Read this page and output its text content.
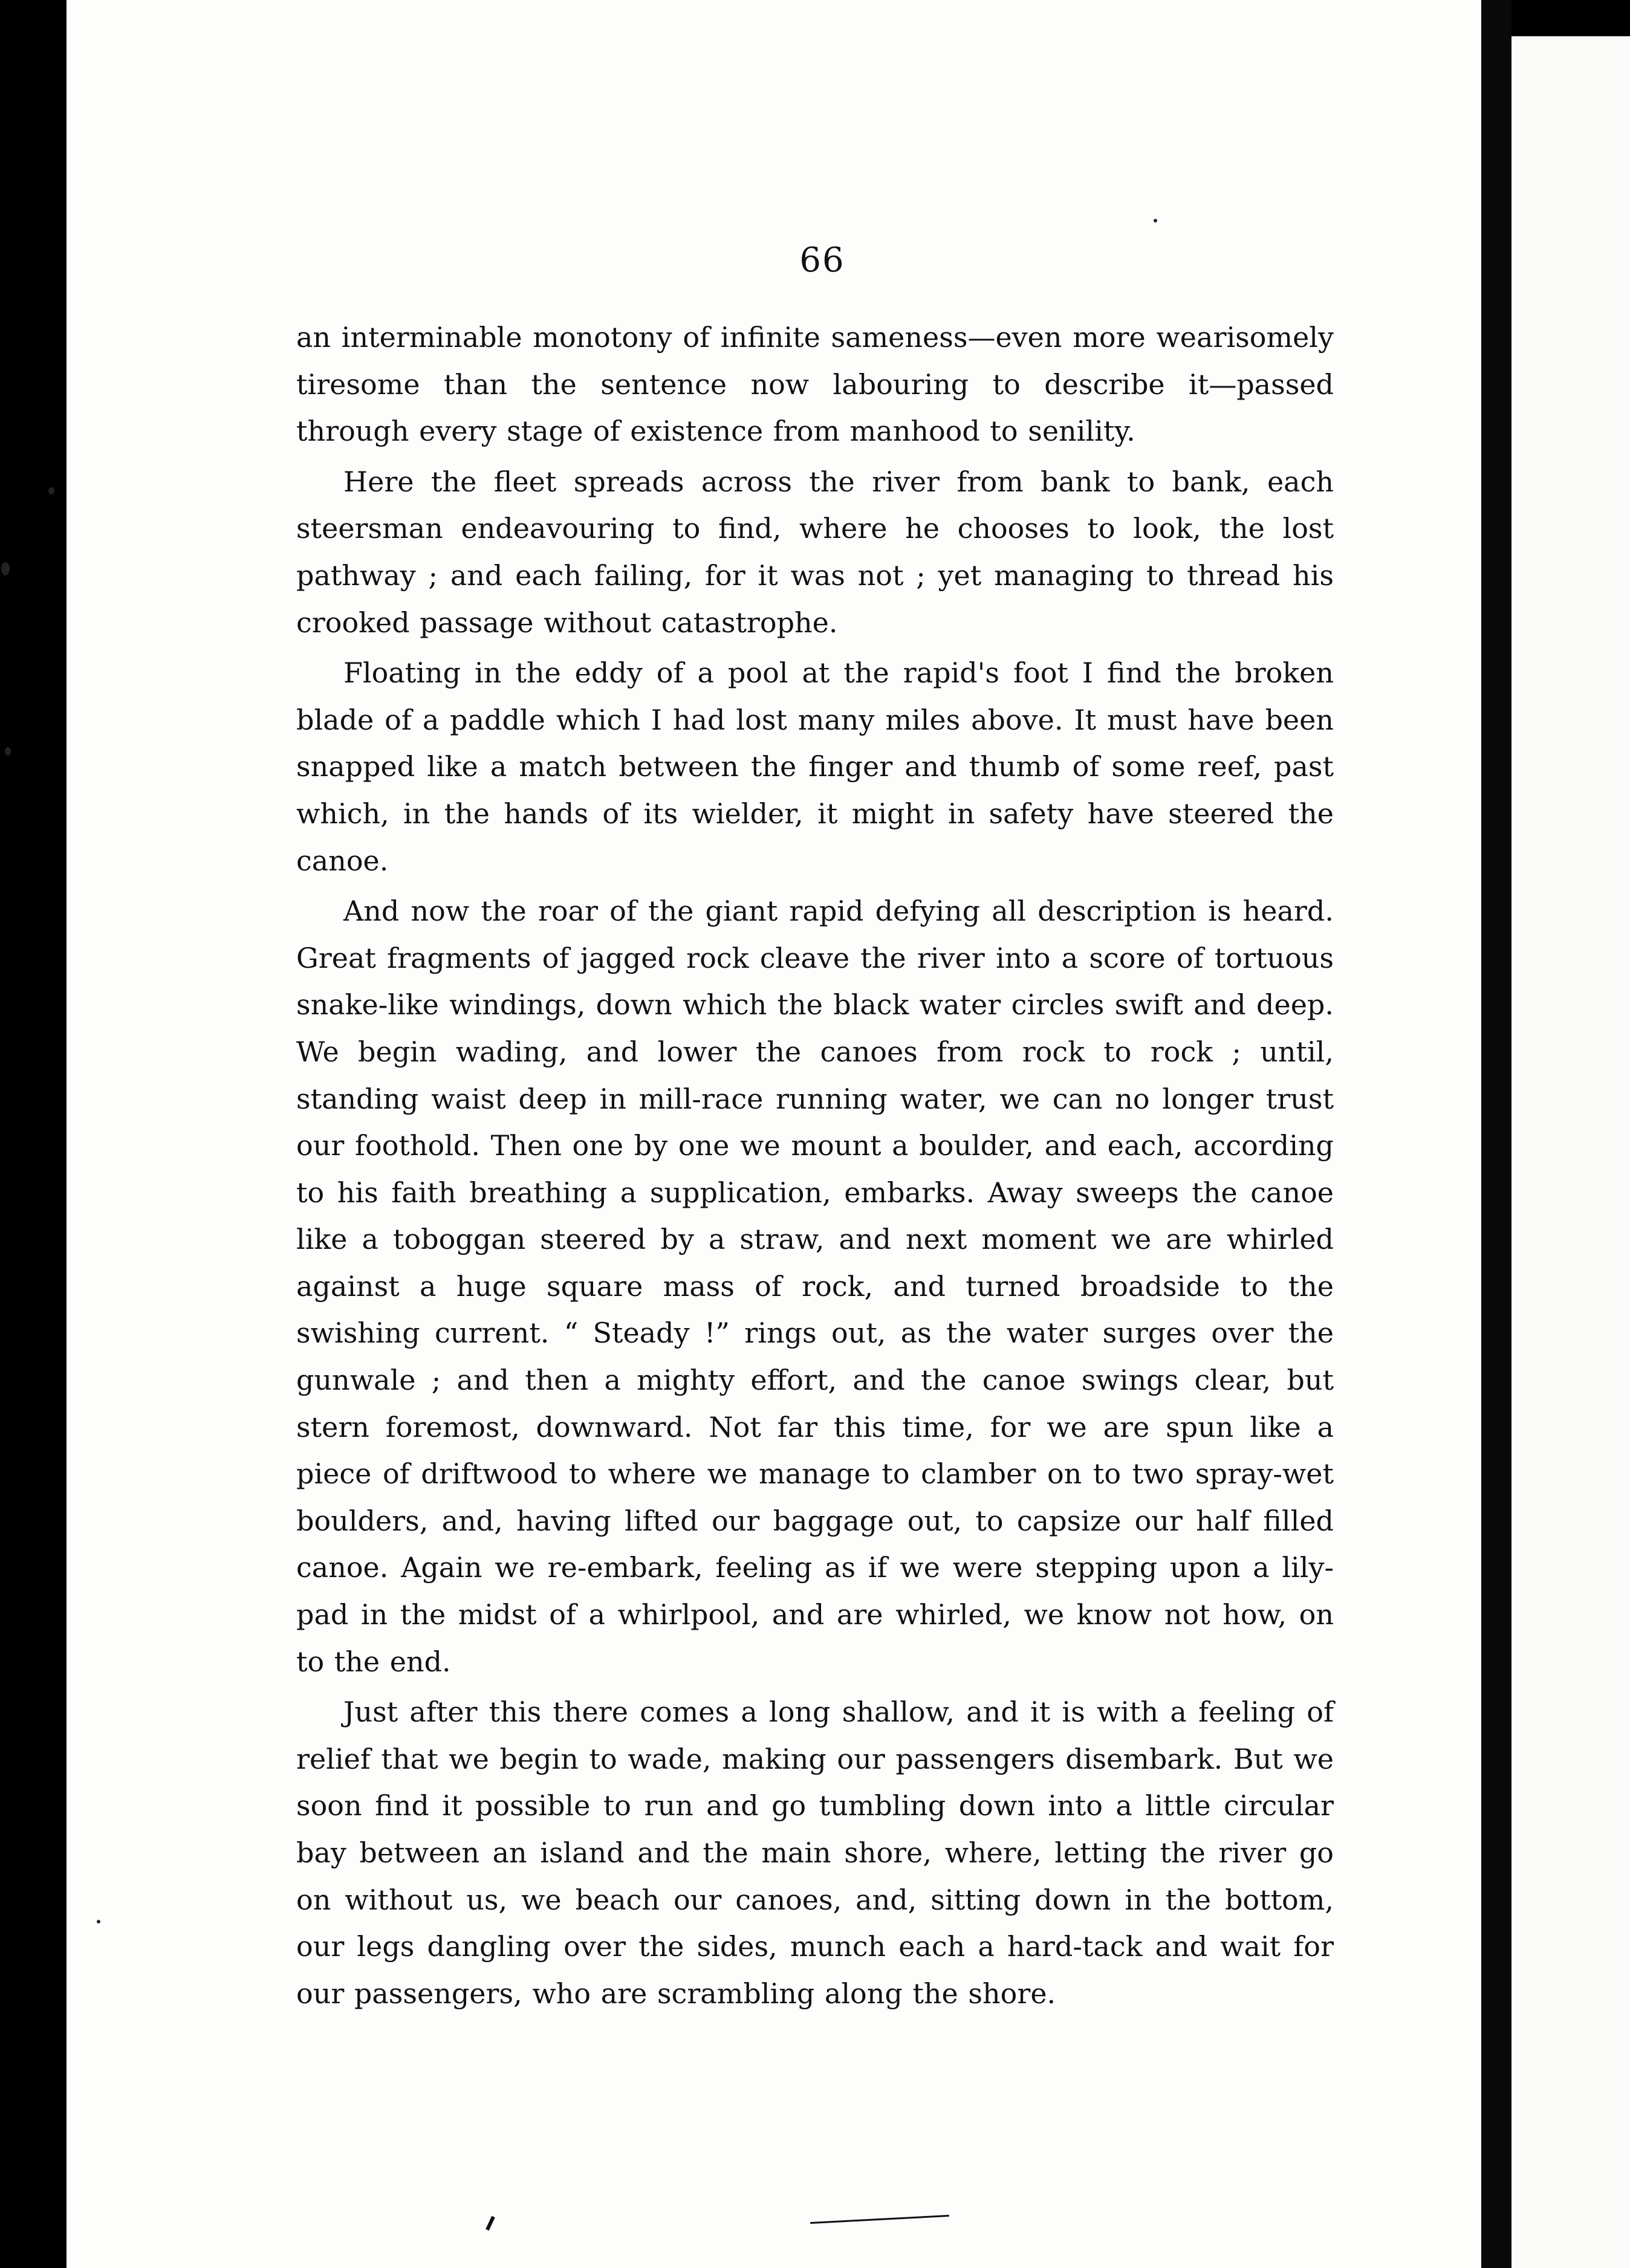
66

an interminable monotony of infinite sameness—even more wearisomely tiresome than the sentence now labouring to describe it—passed through every stage of existence from manhood to senility.

Here the fleet spreads across the river from bank to bank, each steersman endeavouring to find, where he chooses to look, the lost pathway ; and each failing, for it was not ; yet managing to thread his crooked passage without catastrophe.

Floating in the eddy of a pool at the rapid's foot I find the broken blade of a paddle which I had lost many miles above. It must have been snapped like a match between the finger and thumb of some reef, past which, in the hands of its wielder, it might in safety have steered the canoe.

And now the roar of the giant rapid defying all description is heard. Great fragments of jagged rock cleave the river into a score of tortuous snake-like windings, down which the black water circles swift and deep. We begin wading, and lower the canoes from rock to rock ; until, standing waist deep in mill-race running water, we can no longer trust our foothold. Then one by one we mount a boulder, and each, according to his faith breathing a supplication, embarks. Away sweeps the canoe like a toboggan steered by a straw, and next moment we are whirled against a huge square mass of rock, and turned broadside to the swishing current. “ Steady !” rings out, as the water surges over the gunwale ; and then a mighty effort, and the canoe swings clear, but stern foremost, downward. Not far this time, for we are spun like a piece of driftwood to where we manage to clamber on to two spray-wet boulders, and, having lifted our baggage out, to capsize our half filled canoe. Again we re-embark, feeling as if we were stepping upon a lily-pad in the midst of a whirlpool, and are whirled, we know not how, on to the end.

Just after this there comes a long shallow, and it is with a feeling of relief that we begin to wade, making our passengers disembark. But we soon find it possible to run and go tumbling down into a little circular bay between an island and the main shore, where, letting the river go on without us, we beach our canoes, and, sitting down in the bottom, our legs dangling over the sides, munch each a hard-tack and wait for our passengers, who are scrambling along the shore.
